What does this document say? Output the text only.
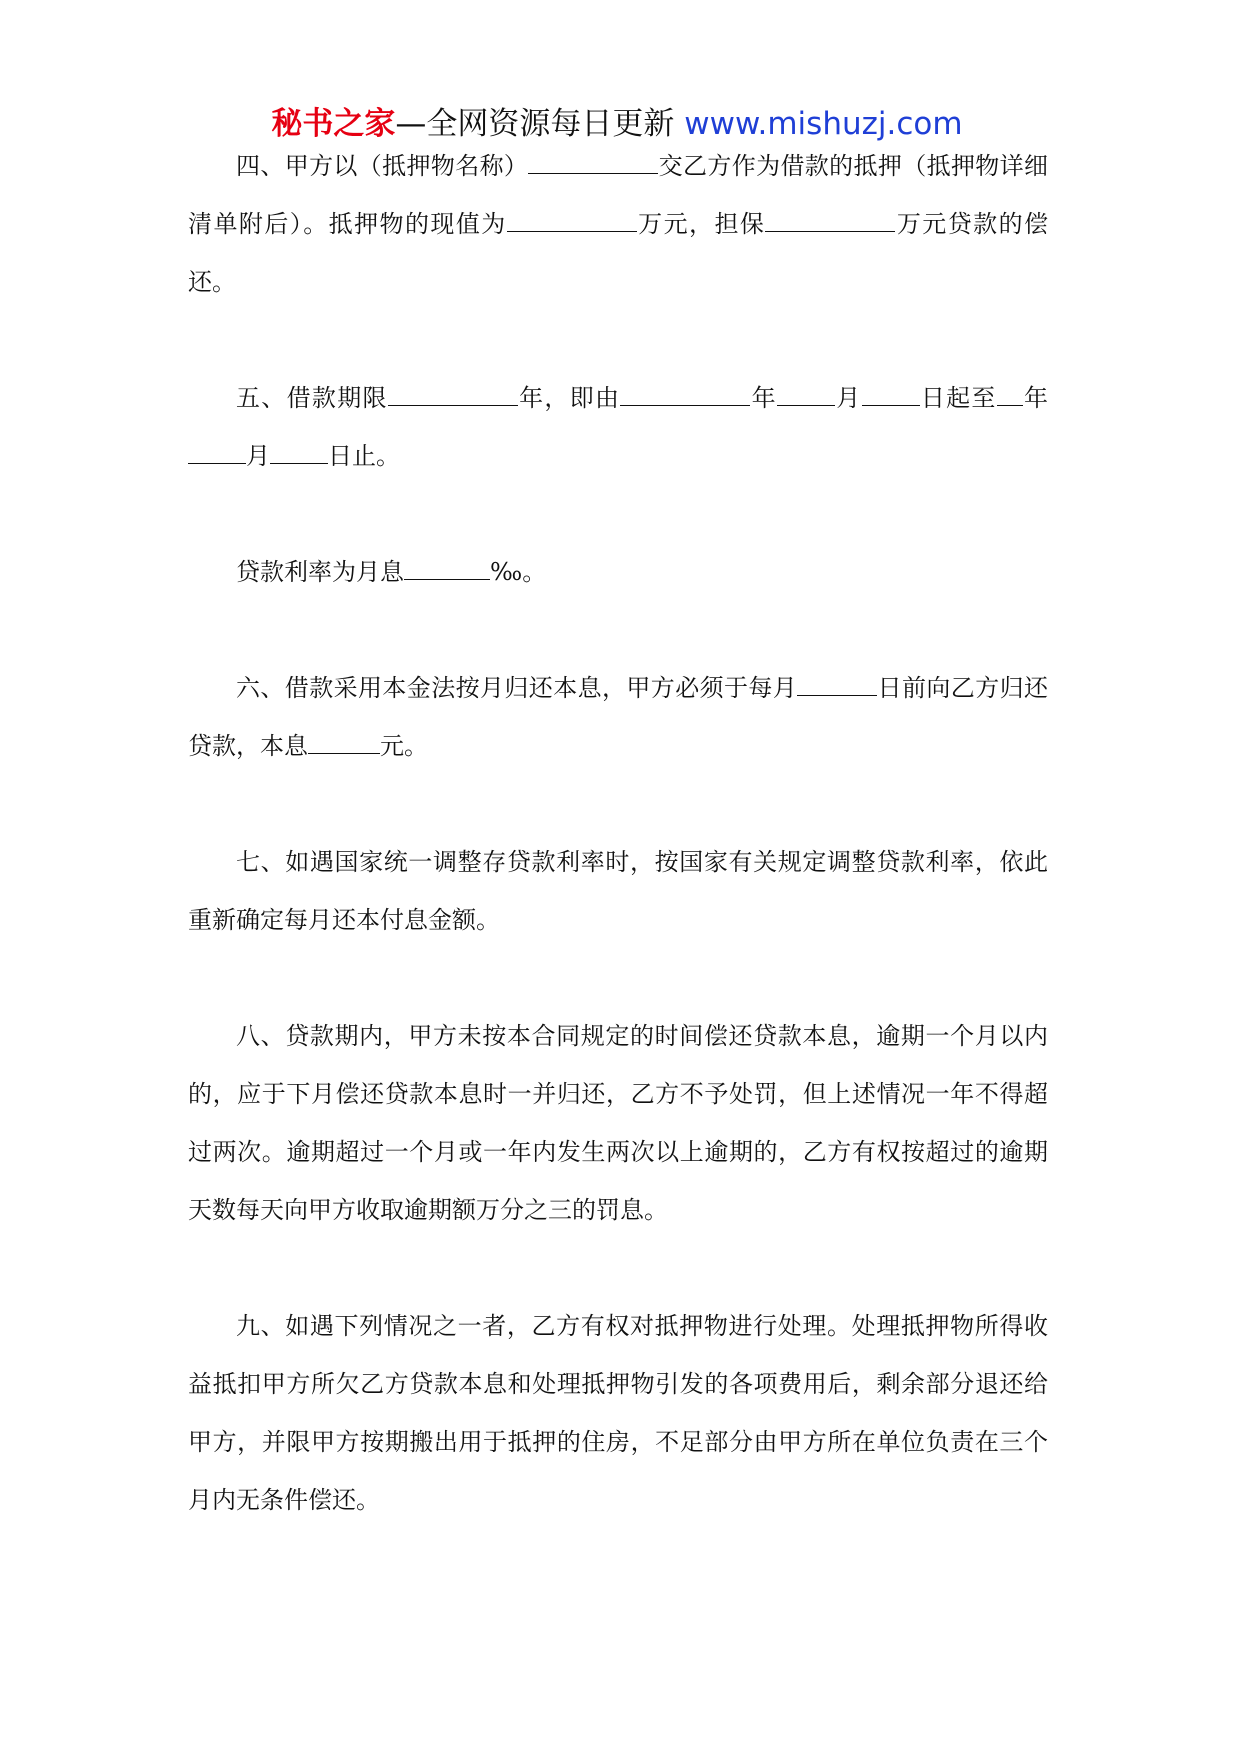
秘书之家—全网资源每日更新 www.mishuzj.com

四、甲方以（抵押物名称）	交乙方作为借款的抵押（抵押物详细清单附后）。抵押物的现值为	万元，担保	万元贷款的偿还。

五、借款期限	年，即由	年 月 日起至 年月 日止。

贷款利率为月息	‰。

六、借款采用本金法按月归还本息，甲方必须于每月	日前向乙方归还贷款，本息	元。

七、如遇国家统一调整存贷款利率时，按国家有关规定调整贷款利率，依此重新确定每月还本付息金额。

八、贷款期内，甲方未按本合同规定的时间偿还贷款本息，逾期一个月以内的，应于下月偿还贷款本息时一并归还，乙方不予处罚，但上述情况一年不得超过两次。逾期超过一个月或一年内发生两次以上逾期的，乙方有权按超过的逾期天数每天向甲方收取逾期额万分之三的罚息。

九、如遇下列情况之一者，乙方有权对抵押物进行处理。处理抵押物所得收益抵扣甲方所欠乙方贷款本息和处理抵押物引发的各项费用后，剩余部分退还给甲方，并限甲方按期搬出用于抵押的住房，不足部分由甲方所在单位负责在三个月内无条件偿还。
